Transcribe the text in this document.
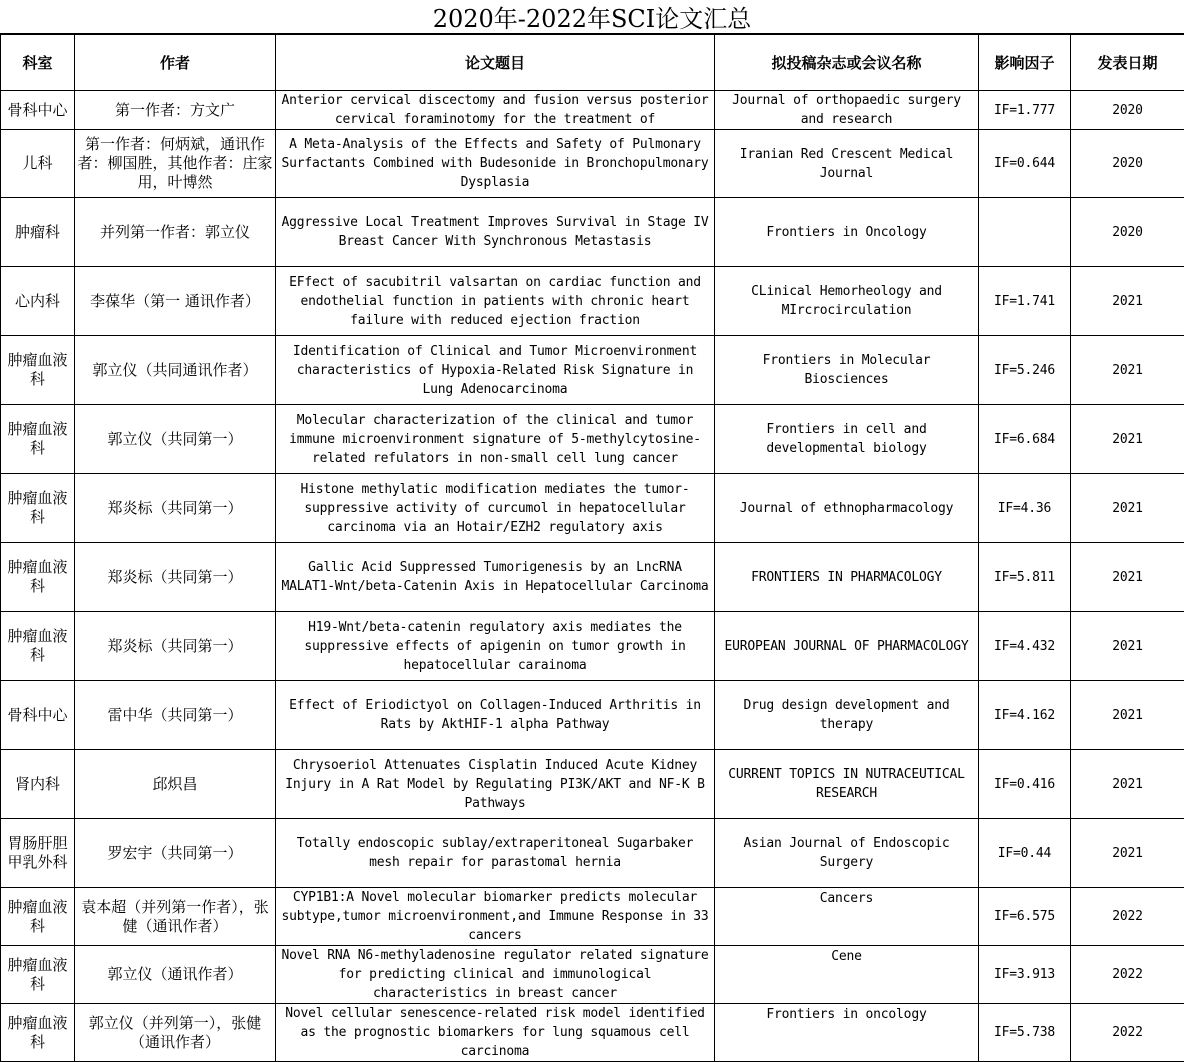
2020年-2022年SCI论文汇总
科室	作者	论文题目	拟投稿杂志或会议名称	影响因子	发表日期

骨科中心	第一作者：方文广	Anterior cervical discectomy and fusion versus posterior cervical foraminotomy for the treatment of	Journal of orthopaedic surgery and research	IF=1.777	2020

儿科	第一作者：何炳斌，通讯作者：柳国胜，其他作者：庄家用，叶博然	A Meta-Analysis of the Effects and Safety of Pulmonary Surfactants Combined with Budesonide in Bronchopulmonary Dysplasia	Iranian Red Crescent Medical Journal	IF=0.644	2020

肿瘤科	并列第一作者：郭立仪	Aggressive Local Treatment Improves Survival in Stage IV Breast Cancer With Synchronous Metastasis	Frontiers in Oncology		2020

心内科	李葆华（第一 通讯作者）	EFfect of sacubitril valsartan on cardiac function and endothelial function in patients with chronic heart failure with reduced ejection fraction	CLinical Hemorheology and MIrcrocirculation	IF=1.741	2021

肿瘤血液科	郭立仪（共同通讯作者）	Identification of Clinical and Tumor Microenvironment characteristics of Hypoxia-Related Risk Signature in Lung Adenocarcinoma	Frontiers in Molecular Biosciences	IF=5.246	2021

肿瘤血液科	郭立仪（共同第一）	Molecular characterization of the clinical and tumor immune microenvironment signature of 5-methylcytosine-related refulators in non-small cell lung cancer	Frontiers in cell and developmental biology	IF=6.684	2021

肿瘤血液科	郑炎标（共同第一）	Histone methylatic modification mediates the tumor-suppressive activity of curcumol in hepatocellular carcinoma via an Hotair/EZH2 regulatory axis	Journal of ethnopharmacology	IF=4.36	2021

肿瘤血液科	郑炎标（共同第一）	Gallic Acid Suppressed Tumorigenesis by an LncRNA MALAT1-Wnt/beta-Catenin Axis in Hepatocellular Carcinoma	FRONTIERS IN PHARMACOLOGY	IF=5.811	2021

肿瘤血液科	郑炎标（共同第一）	H19-Wnt/beta-catenin regulatory axis mediates the suppressive effects of apigenin on tumor growth in hepatocellular carainoma	EUROPEAN JOURNAL OF PHARMACOLOGY	IF=4.432	2021

骨科中心	雷中华（共同第一）	Effect of Eriodictyol on Collagen-Induced Arthritis in Rats by AktHIF-1 alpha Pathway	Drug design development and therapy	IF=4.162	2021

肾内科	邱炽昌	Chrysoeriol Attenuates Cisplatin Induced Acute Kidney Injury in A Rat Model by Regulating PI3K/AKT and NF-K B Pathways	CURRENT TOPICS IN NUTRACEUTICAL RESEARCH	IF=0.416	2021

胃肠肝胆甲乳外科	罗宏宇（共同第一）	Totally endoscopic sublay/extraperitoneal Sugarbaker mesh repair for parastomal hernia	Asian Journal of Endoscopic Surgery	IF=0.44	2021

肿瘤血液科	袁本超（并列第一作者），张健（通讯作者）	CYP1B1:A Novel molecular biomarker predicts molecular subtype,tumor microenvironment,and Immune Response in 33 cancers	Cancers	IF=6.575	2022

肿瘤血液科	郭立仪（通讯作者）	Novel RNA N6-methyladenosine regulator related signature for predicting clinical and immunological characteristics in breast cancer	Cene	IF=3.913	2022

肿瘤血液科	郭立仪（并列第一），张健（通讯作者）	Novel cellular senescence-related risk model identified as the prognostic biomarkers for lung squamous cell carcinoma	Frontiers in oncology	IF=5.738	2022
